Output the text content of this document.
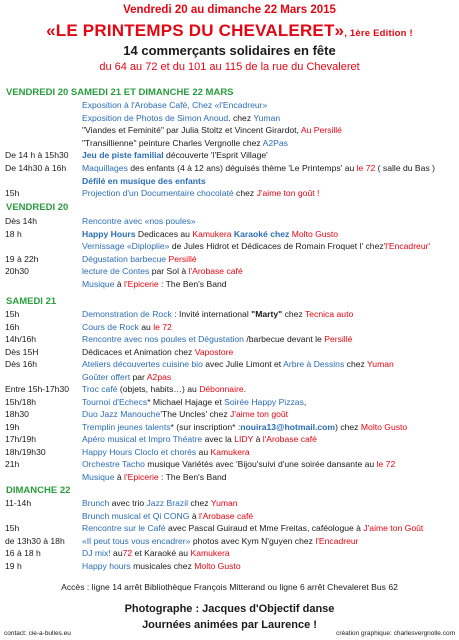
Vendredi 20 au dimanche 22 Mars 2015
«LE PRINTEMPS DU CHEVALERET», 1ère Edition !
14 commerçants solidaires en fête
du 64 au 72 et du 101 au 115 de la rue du Chevaleret
VENDREDI 20 SAMEDI 21 ET DIMANCHE 22 MARS
Exposition à l'Arobase Café, Chez «l'Encadreur»
Exposition de Photos de Simon Anoud. chez Yuman
"Viandes et Feminité" par Julia Stoltz et Vincent Girardot, Au Persillé
"Transillienne" peinture Charles Vergnolle chez A2Pas
De 14 h à 15h30 Jeu de piste familial découverte 'l'Esprit Village'
De 14h30 à 16h Maquillages des enfants (4 à 12 ans) déguisés thème 'Le Printemps' au le 72 ( salle du Bas )
Défilé en musique des enfants
15h	Projection d'un Documentaire chocolaté chez J'aime ton goût !
VENDREDI 20
Dès 14h	Rencontre avec «nos poules»
18 h	Happy Hours Dedicaces au Kamukera Karaoké chez Molto Gusto
Vernissage «Diploplie» de Jules Hidrot et Dédicaces de Romain Froquet l' chez'l'Encadreur'
19 à 22h	Dégustation barbecue Persillé
20h30	lecture de Contes par Sol à l'Arobase café
Musique à l'Epicerie : The Ben's Band
SAMEDI 21
15h	Demonstration de Rock : Invité international "Marty" chez Tecnica auto
16h	Cours de Rock au le 72
14h/16h	Rencontre avec nos poules et Dégustation /barbecue devant le Persillé
Dès 15H	Dédicaces et Animation chez Vapostore
Dès 16h	Ateliers découvertes cuisine bio avec Julie Limont et Arbre à Dessins chez Yuman
Goûter offert par A2pas
Entre 15h-17h30 Troc café (objets, habits…) au Débonnaire.
15h/18h	Tournoi d'Echecs* Michael Hajage et Soirée Happy Pizzas,
18h30	Duo Jazz Manouche'The Uncles' chez J'aime ton goût
19h	Tremplin jeunes talents* (sur inscription* :nouira13@hotmail.com) chez Molto Gusto
17h/19h	Apéro musical et Impro Théatre avec la LIDY à l'Arobase café
18h/19h30	Happy Hours Cloclo et chorés au Kamukera
21h	Orchestre Tacho musique Variétés avec 'Bijou'suivi d'une soirée dansante au le 72
Musique à l'Epicerie : The Ben's Band
DIMANCHE 22
11-14h	Brunch avec trio Jazz Brazil chez Yuman
Brunch musical et Qi CONG à l'Arobase café
15h	Rencontre sur le Café avec Pascal Guiraud et Mme Freitas, caféologue à J'aime ton Goût
de 13h30 à 18h «Il peut tous vous encadrer» photos avec Kym N'guyen chez l'Encadreur
16 à 18 h	DJ mix! au72 et Karaoké au Kamukera
19 h	Happy hours musicales chez Molto Gusto
Accès : ligne 14 arrêt Bibliothèque François Mitterand ou ligne 6 arrêt Chevaleret Bus 62
Photographe : Jacques d'Objectif danse
Journées animées par Laurence !
contact: cie-a-bulles.eu	création graphique: charlesvergnolle.com
